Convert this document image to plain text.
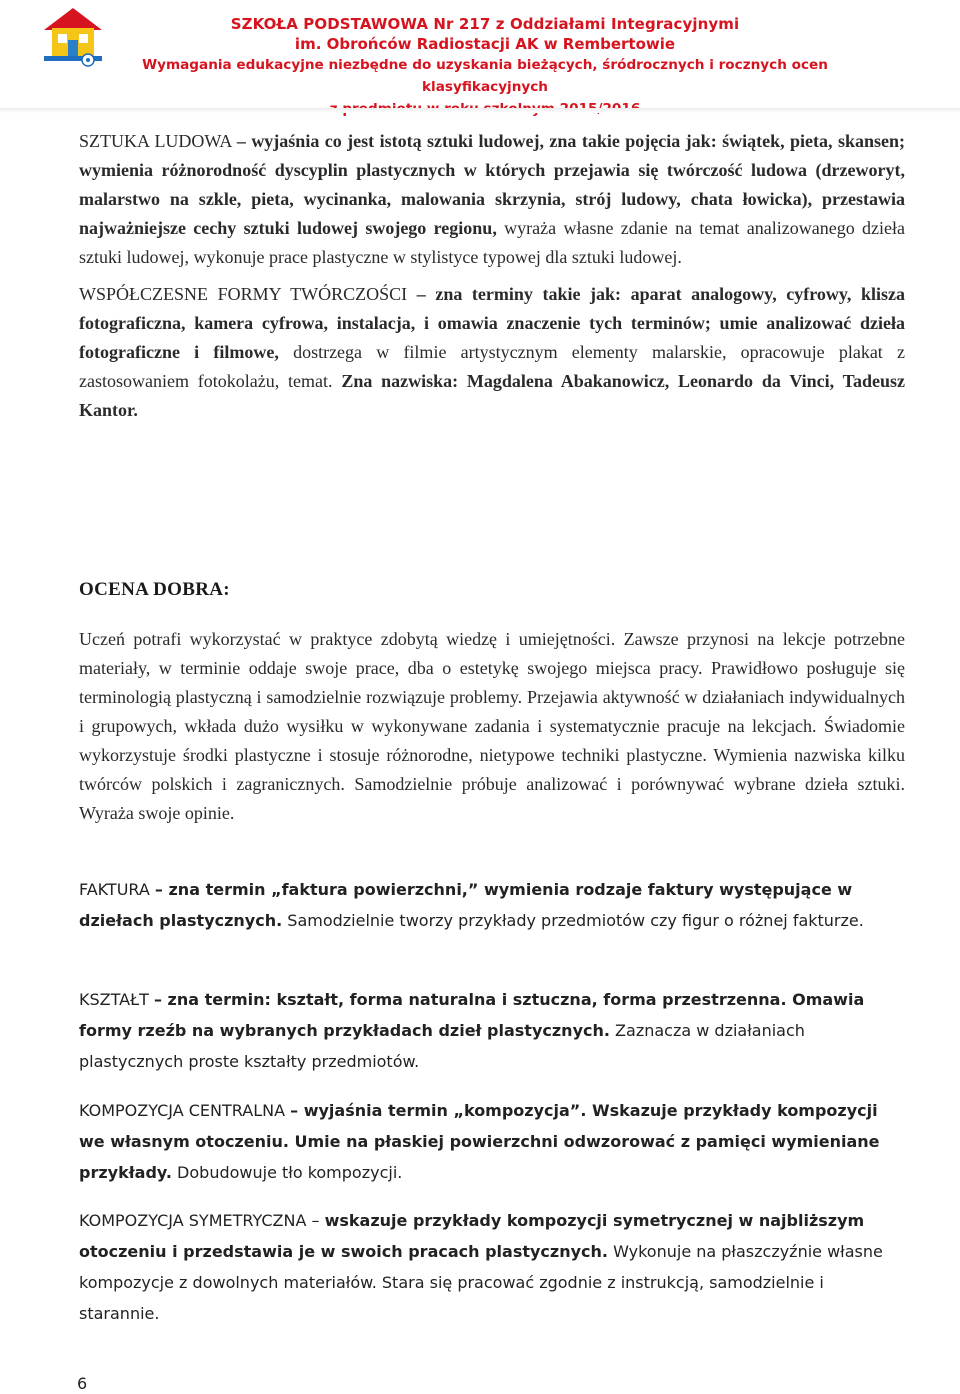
SZKOŁA PODSTAWOWA Nr 217 z Oddziałami Integracyjnymi
im. Obrońców Radiostacji AK w Rembertowie
Wymagania edukacyjne niezbędne do uzyskania bieżących, śródrocznych i rocznych ocen klasyfikacyjnych

SZTUKA LUDOWA – wyjaśnia co jest istotą sztuki ludowej, zna takie pojęcia jak: świątek, pieta, skansen; wymienia różnorodność dyscyplin plastycznych w których przejawia się twórczość ludowa (drzeworyt, malarstwo na szkle, pieta, wycinanka, malowania skrzynia, strój ludowy, chata łowicka), przestawia najważniejsze cechy sztuki ludowej swojego regionu, wyraża własne zdanie na temat analizowanego dzieła sztuki ludowej, wykonuje prace plastyczne w stylistyce typowej dla sztuki ludowej.

WSPÓŁCZESNE FORMY TWÓRCZOŚCI – zna terminy takie jak: aparat analogowy, cyfrowy, klisza fotograficzna, kamera cyfrowa, instalacja, i omawia znaczenie tych terminów; umie analizować dzieła fotograficzne i filmowe, dostrzega w filmie artystycznym elementy malarskie, opracowuje plakat z zastosowaniem fotokolażu, temat. Zna nazwiska: Magdalena Abakanowicz, Leonardo da Vinci, Tadeusz Kantor.

OCENA DOBRA:

Uczeń potrafi wykorzystać w praktyce zdobytą wiedzę i umiejętności. Zawsze przynosi na lekcje potrzebne materiały, w terminie oddaje swoje prace, dba o estetykę swojego miejsca pracy. Prawidłowo posługuje się terminologią plastyczną i samodzielnie rozwiązuje problemy. Przejawia aktywność w działaniach indywidualnych i grupowych, wkłada dużo wysiłku w wykonywane zadania i systematycznie pracuje na lekcjach. Świadomie wykorzystuje środki plastyczne i stosuje różnorodne, nietypowe techniki plastyczne. Wymienia nazwiska kilku twórców polskich i zagranicznych. Samodzielnie próbuje analizować i porównywać wybrane dzieła sztuki. Wyraża swoje opinie.

FAKTURA – zna termin „faktura powierzchni,” wymienia rodzaje faktury występujące w dziełach plastycznych. Samodzielnie tworzy przykłady przedmiotów czy figur o różnej fakturze.

KSZTAŁT – zna termin: kształt, forma naturalna i sztuczna, forma przestrzenna. Omawia formy rzeźb na wybranych przykładach dzieł plastycznych. Zaznacza w działaniach plastycznych proste kształty przedmiotów.

KOMPOZYCJA CENTRALNA – wyjaśnia termin „kompozycja”. Wskazuje przykłady kompozycji we własnym otoczeniu. Umie na płaskiej powierzchni odwzorować z pamięci wymieniane przykłady. Dobudowuje tło kompozycji.

KOMPOZYCJA SYMETRYCZNA – wskazuje przykłady kompozycji symetrycznej w najbliższym otoczeniu i przedstawia je w swoich pracach plastycznych. Wykonuje na płaszczyźnie własne kompozycje z dowolnych materiałów. Stara się pracować zgodnie z instrukcją, samodzielnie i starannie.

6
